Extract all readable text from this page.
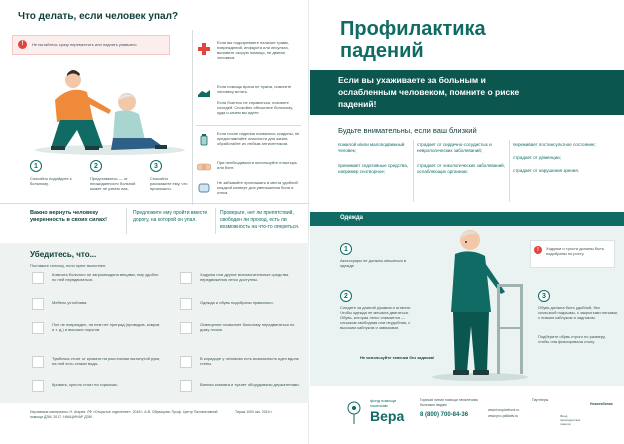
Что делать, если человек упал?
!	Не пытайтесь сразу переместить или поднять упавшего.
1	2	3
Спокойно подойдите к больному.
Представьтесь — от неожиданности больной может не узнать вас.
Спокойно расскажите ему, что произошло.
Если вы подозреваете наличие травм, повреждений, инфаркта или инсульта, вызовите скорую помощь, не двигая человека.
Если помощь врача не нужна, помогите человеку встать.
Если боитесь не справиться, позовите соседей. Спокойно объясните больному, куда и зачем вы идете.
Если после падения появились ссадины, не предоставляйте опасности для жизни, обработайте их любым антисептиком.
При необходимости используйте пластырь или бинт.
Не забывайте приглашать в места удобной кладкой конверт для уменьшения боли и отека.
Важно вернуть человеку уверенность в своих силах!
Предложите ему пройти вместе дорогу, на которой он упал.
Проверьте, нет ли препятствий, свободен ли проход, есть ли возможность на что-то опереться.
Убедитесь, что...
Поставьте галочку, если пункт выполнен.
Комната больного не загромождена вещами, ему удобно по ней передвигаться.
Мебель устойчива.
Пол не поврежден, на нем нет преград (проводов, ковров и т. д.) и высоких порогов.
Тумбочка стоит от кровати на расстоянии вытянутой руки, на ней есть стакан воды.
Кровать, кресло стоят на тормозах.
Ходунки или другие вспомогательные средства передвижения легко доступны.
Одежда и обувь подобраны правильно.
Освещение позволяет больному передвигаться по дому ночью.
В коридоре у человека есть возможность идти вдоль стены.
Ванная комната и туалет оборудованы держателями.
Изучаемые материалы: Н. Агарев. ЛФ «Открытое отделение», 2018 г. А.В. Образцова. Проф. Центр Паллиативной помощи ДЗМ, 2017. НАКЦ/ИНАР ДЗМ.
Тираж 1000 экз. 2019 г.
Профилактика
падений
Если вы ухаживаете за больным и ослабленным человеком, помните о риске падений!
Будьте внимательны, если ваш близкий
пожилой и/или малоподвижный человек;
принимает седативные средства, например снотворное;
страдает от сердечно-сосудистых и неврологических заболеваний;
страдает от онкологических заболеваний, ослабляющих организм;
переживает постинсультное состояние;
страдает от деменции;
страдает от нарушения зрения.
Одежда
1
Аксессуары не должны мешаться в одежде.
2
Следите за длиной рукавов и штанин. Чтобы одежда не мешала двигаться. Обувь, которая легко снимается — слишком свободная или неудобная, с высоким каблуком и завязками.
Не используйте тапочки без задника!
3
Обувь должна быть удобной, без скользкой подошвы, с закрытыми пятками, с низким каблуком и задником.
Подберите обувь строго по размеру, чтобы она фиксировала стопу.
!	Ходунки и трости должны быть подобраны по росту.
фонд помощи хосписам
Вера
Горячая линия помощи неизлечимо больным людям
8 (800) 700-84-36
www.hospicefund.ru
www.pro-palliativ.ru
Партнеры
Фонд президентских грантов
Новотабинка
